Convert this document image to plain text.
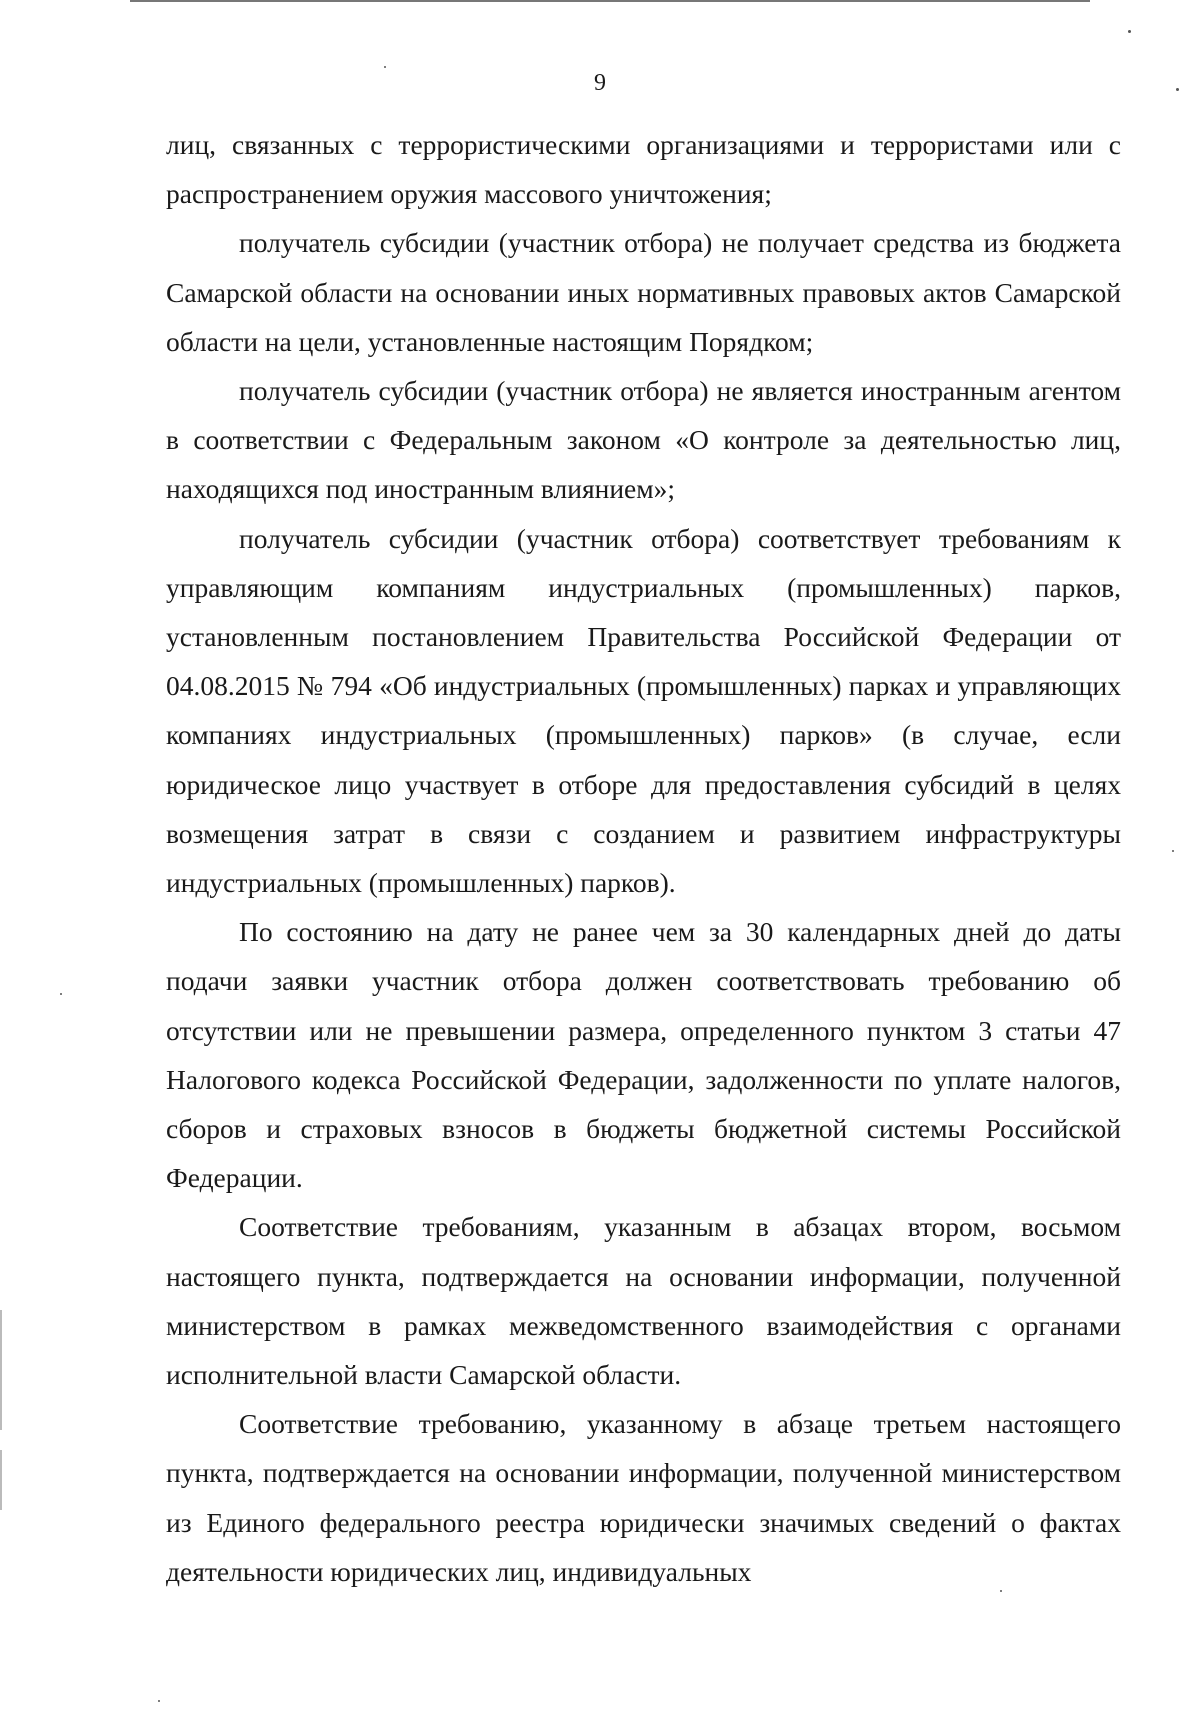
9

лиц, связанных с террористическими организациями и террористами или с распространением оружия массового уничтожения;

получатель субсидии (участник отбора) не получает средства из бюджета Самарской области на основании иных нормативных правовых актов Самарской области на цели, установленные настоящим Порядком;

получатель субсидии (участник отбора) не является иностранным агентом в соответствии с Федеральным законом «О контроле за деятельностью лиц, находящихся под иностранным влиянием»;

получатель субсидии (участник отбора) соответствует требованиям к управляющим компаниям индустриальных (промышленных) парков, установленным постановлением Правительства Российской Федерации от 04.08.2015 № 794 «Об индустриальных (промышленных) парках и управляющих компаниях индустриальных (промышленных) парков» (в случае, если юридическое лицо участвует в отборе для предоставления субсидий в целях возмещения затрат в связи с созданием и развитием инфраструктуры индустриальных (промышленных) парков).

По состоянию на дату не ранее чем за 30 календарных дней до даты подачи заявки участник отбора должен соответствовать требованию об отсутствии или не превышении размера, определенного пунктом 3 статьи 47 Налогового кодекса Российской Федерации, задолженности по уплате налогов, сборов и страховых взносов в бюджеты бюджетной системы Российской Федерации.

Соответствие требованиям, указанным в абзацах втором, восьмом настоящего пункта, подтверждается на основании информации, полученной министерством в рамках межведомственного взаимодействия с органами исполнительной власти Самарской области.

Соответствие требованию, указанному в абзаце третьем настоящего пункта, подтверждается на основании информации, полученной министерством из Единого федерального реестра юридически значимых сведений о фактах деятельности юридических лиц, индивидуальных
